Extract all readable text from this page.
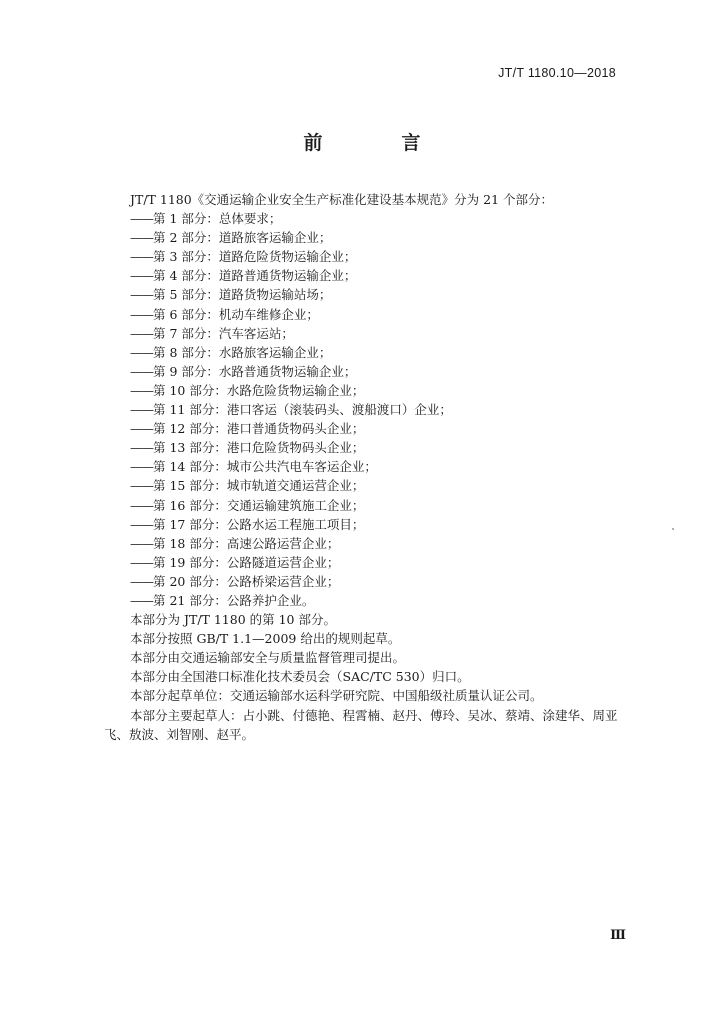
JT/T 1180.10—2018
前　言

JT/T 1180《交通运输企业安全生产标准化建设基本规范》分为 21 个部分：

——第 1 部分：总体要求；

——第 2 部分：道路旅客运输企业；

——第 3 部分：道路危险货物运输企业；

——第 4 部分：道路普通货物运输企业；

——第 5 部分：道路货物运输站场；

——第 6 部分：机动车维修企业；

——第 7 部分：汽车客运站；

——第 8 部分：水路旅客运输企业；

——第 9 部分：水路普通货物运输企业；

——第 10 部分：水路危险货物运输企业；

——第 11 部分：港口客运（滚装码头、渡船渡口）企业；

——第 12 部分：港口普通货物码头企业；

——第 13 部分：港口危险货物码头企业；

——第 14 部分：城市公共汽电车客运企业；

——第 15 部分：城市轨道交通运营企业；

——第 16 部分：交通运输建筑施工企业；

——第 17 部分：公路水运工程施工项目；

——第 18 部分：高速公路运营企业；

——第 19 部分：公路隧道运营企业；

——第 20 部分：公路桥梁运营企业；

——第 21 部分：公路养护企业。

本部分为 JT/T 1180 的第 10 部分。

本部分按照 GB/T 1.1—2009 给出的规则起草。

本部分由交通运输部安全与质量监督管理司提出。

本部分由全国港口标准化技术委员会（SAC/TC 530）归口。

本部分起草单位：交通运输部水运科学研究院、中国船级社质量认证公司。

本部分主要起草人：占小跳、付德艳、程霄楠、赵丹、傅玲、吴冰、蔡靖、涂建华、周亚飞、敖波、刘智刚、赵平。

Ⅲ
